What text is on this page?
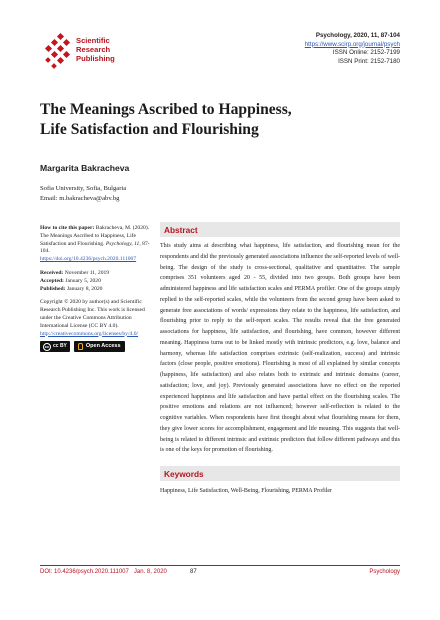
Scientific
Research
Publishing
Psychology, 2020, 11, 87-104
https://www.scirp.org/journal/psych
ISSN Online: 2152-7199
ISSN Print: 2152-7180
The Meanings Ascribed to Happiness,
Life Satisfaction and Flourishing
Margarita Bakracheva
Sofia University, Sofia, Bulgaria
Email: m.bakracheva@abv.bg
How to cite this paper: Bakracheva, M. (2020). The Meanings Ascribed to Happiness, Life Satisfaction and Flourishing. Psychology, 11, 87-104.
https://doi.org/10.4236/psych.2020.111007
Received: November 11, 2019
Accepted: January 5, 2020
Published: January 8, 2020
Copyright © 2020 by author(s) and Scientific Research Publishing Inc. This work is licensed under the Creative Commons Attribution International License (CC BY 4.0).
http://creativecommons.org/licenses/by/4.0/
cc cc BY	Open Access
Abstract

This study aims at describing what happiness, life satisfaction, and flourishing mean for the respondents and did the previously generated associations influence the self-reported levels of well-being. The design of the study is cross-sectional, qualitative and quantitative. The sample comprises 351 volunteers aged 20 - 55, divided into two groups. Both groups have been administered happiness and life satisfaction scales and PERMA profiler. One of the groups simply replied to the self-reported scales, while the volunteers from the second group have been asked to generate free associations of words/ expressions they relate to the happiness, life satisfaction, and flourishing prior to reply to the self-report scales. The results reveal that the free generated associations for happiness, life satisfaction, and flourishing, have common, however different meaning. Happiness turns out to be linked mostly with intrinsic predictors, e.g. love, balance and harmony, whereas life satisfaction comprises extrinsic (self-realization, success) and intrinsic factors (close people, positive emotions). Flourishing is most of all explained by similar concepts (happiness, life satisfaction) and also relates both to extrinsic and intrinsic domains (career, satisfaction; love, and joy). Previously generated associations have no effect on the reported experienced happiness and life satisfaction and have partial effect on the flourishing scales. The positive emotions and relations are not influenced; however self-reflection is related to the cognitive variables. When respondents have first thought about what flourishing means for them, they give lower scores for accomplishment, engagement and life meaning. This suggests that well-being is related to different intrinsic and extrinsic predictors that follow different pathways and this is one of the keys for promotion of flourishing.

Keywords

Happiness, Life Satisfaction, Well-Being, Flourishing, PERMA Profiler

DOI: 10.4236/psych.2020.111007 Jan. 8, 2020	87	Psychology
